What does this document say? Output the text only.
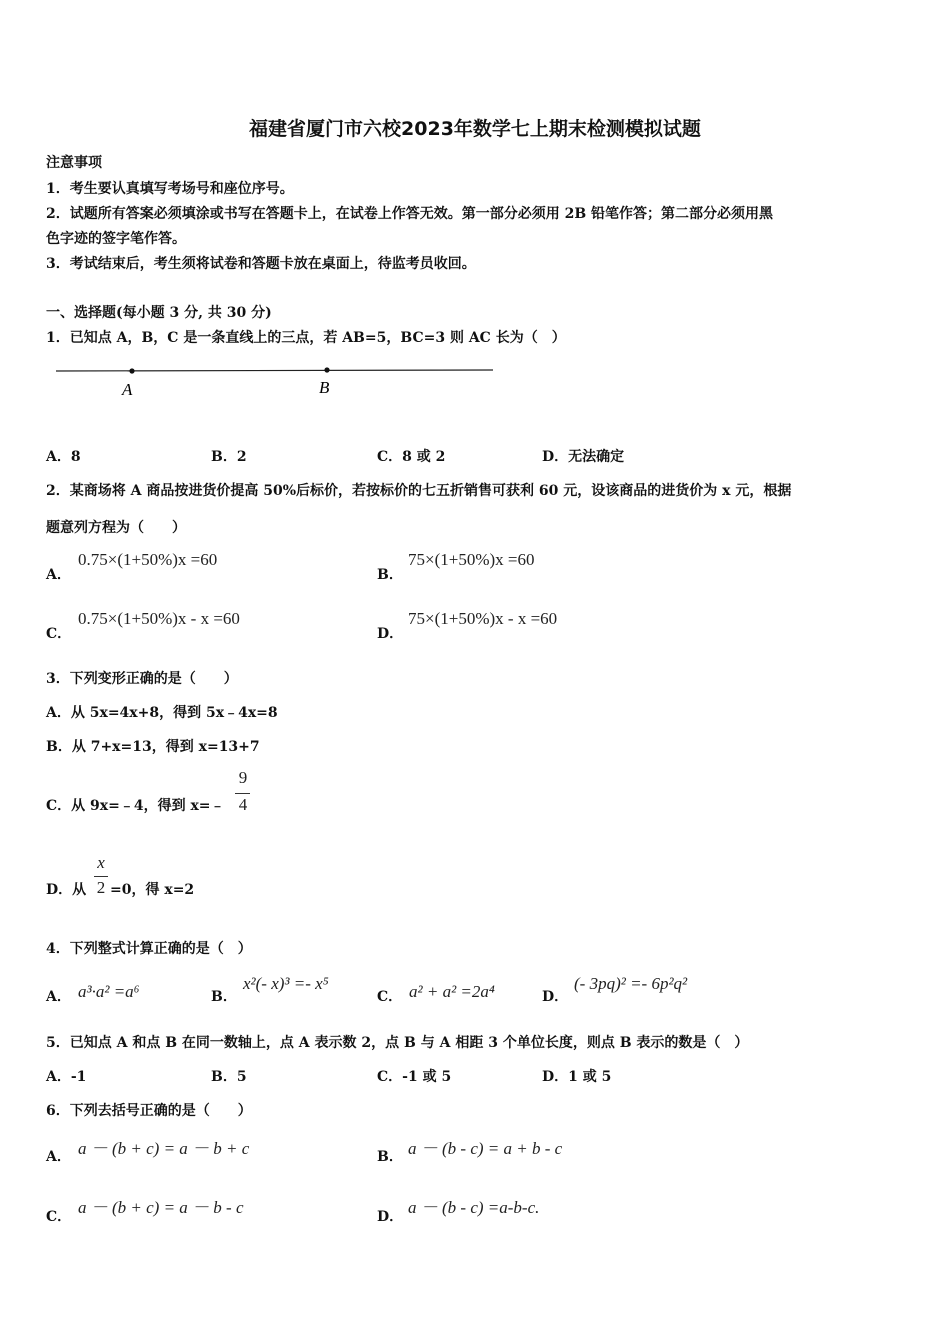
福建省厦门市六校2023年数学七上期末检测模拟试题
注意事项
1．考生要认真填写考场号和座位序号。
2．试题所有答案必须填涂或书写在答题卡上，在试卷上作答无效。第一部分必须用 2B 铅笔作答；第二部分必须用黑
色字迹的签字笔作答。
3．考试结束后，考生须将试卷和答题卡放在桌面上，待监考员收回。
一、选择题(每小题 3 分, 共 30 分)
1．已知点 A，B，C 是一条直线上的三点，若 AB=5，BC=3 则 AC 长为（　）
A	B
A．8	B．2	C．8 或 2	D．无法确定
2．某商场将 A 商品按进货价提高 50%后标价，若按标价的七五折销售可获利 60 元，设该商品的进货价为 x 元，根据
题意列方程为（　　）
A．
0.75×(1+50%)x =60
B．
75×(1+50%)x =60
C．
0.75×(1+50%)x - x =60
D．
75×(1+50%)x - x =60
3．下列变形正确的是（　　）
A．从 5x=4x+8，得到 5x﹣4x=8
B．从 7+x=13，得到 x=13+7
C．从 9x=﹣4，得到 x=﹣
9
4
D．从
x
2 =0，得 x=2
4．下列整式计算正确的是（　）
A． a³·a² =a⁶	B．
x²(- x)³ =- x⁵
C． a² + a² =2a⁴	D．
(- 3pq)² =- 6p²q²
5．已知点 A 和点 B 在同一数轴上，点 A 表示数 2，点 B 与 A 相距 3 个单位长度，则点 B 表示的数是（　）
A．-1	B．5	C．-1 或 5	D．1 或 5
6．下列去括号正确的是（　　）
A． a － (b + c) = a － b + c	B． a － (b - c) = a + b - c
C． a － (b + c) = a － b - c	D． a － (b - c) =a-b-c.
